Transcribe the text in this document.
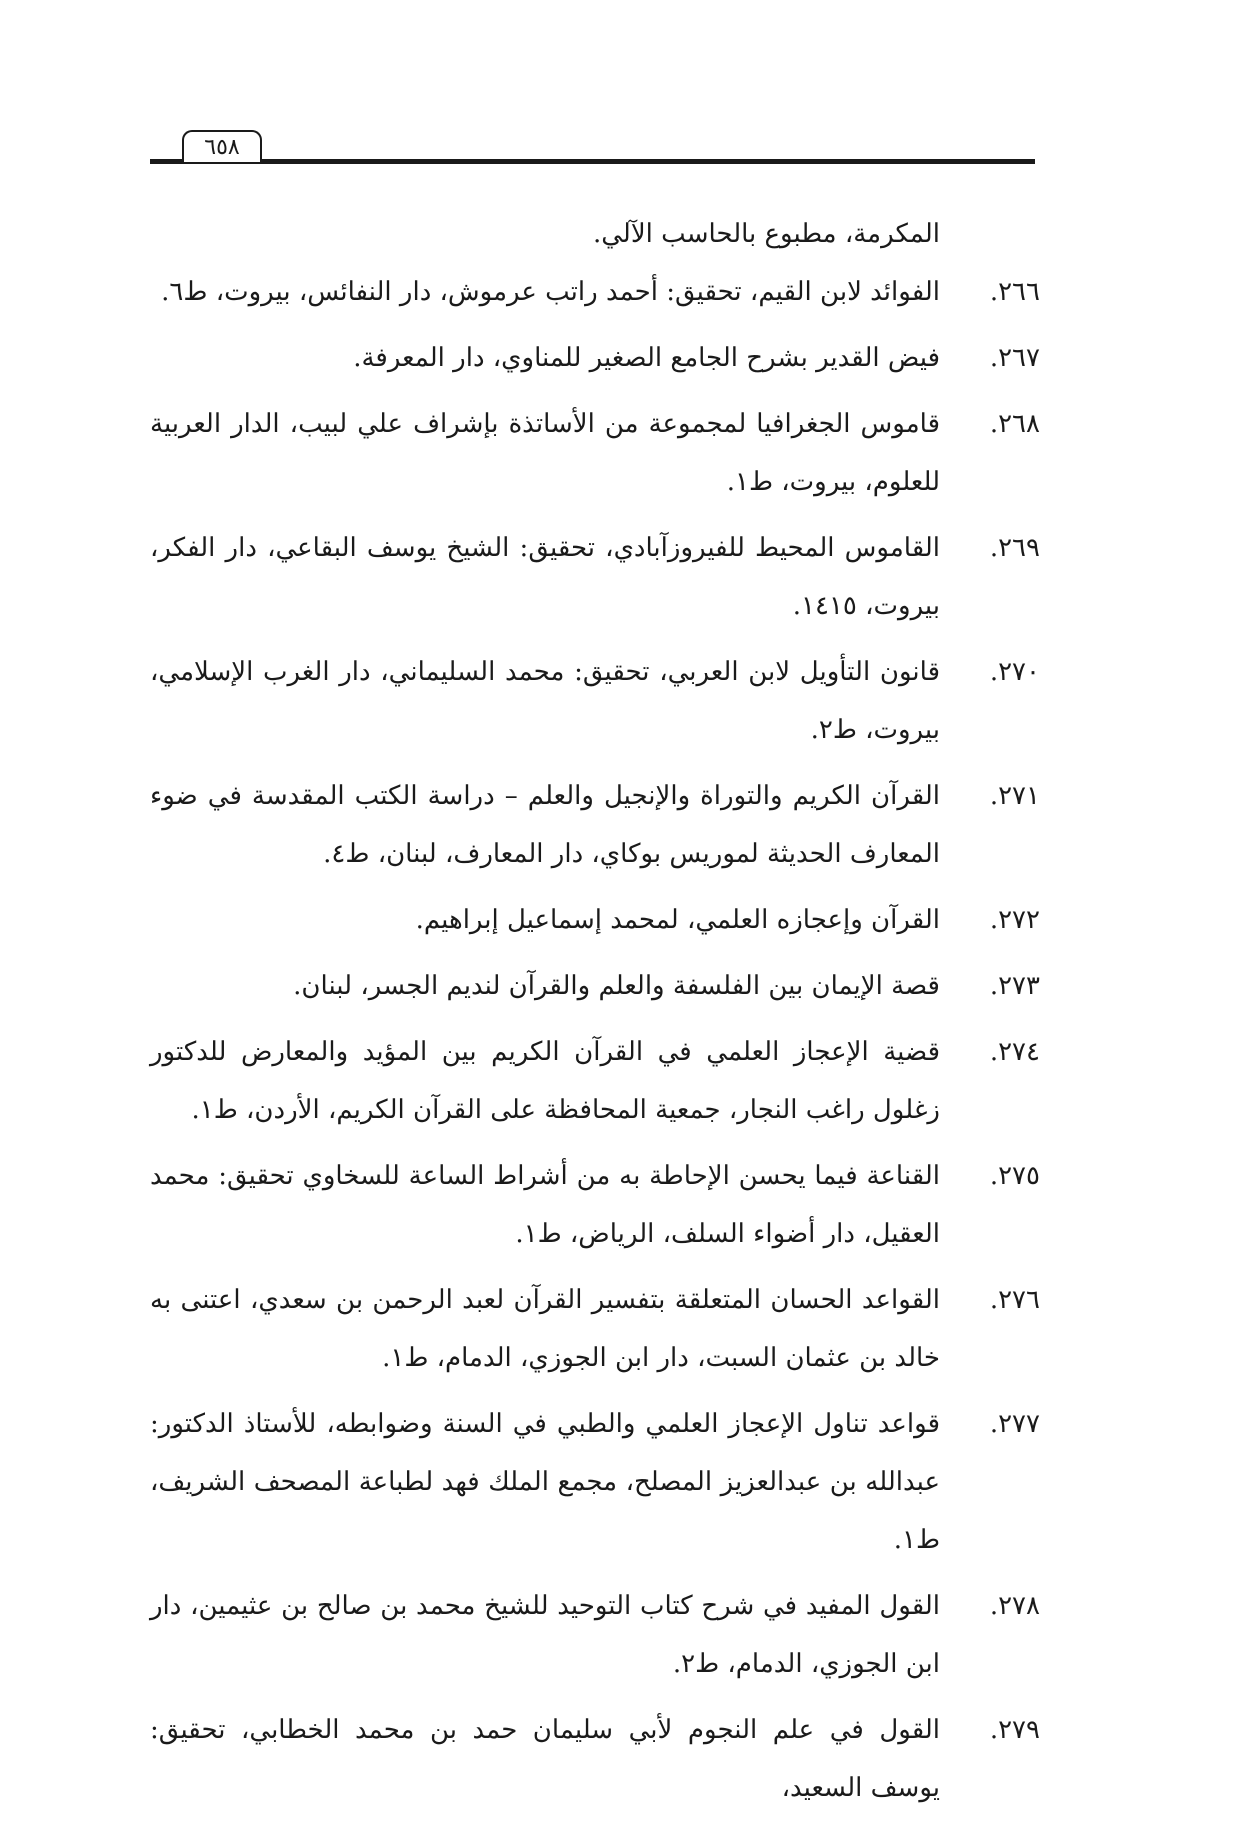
٦٥٨

المكرمة، مطبوع بالحاسب الآلي.

٢٦٦.
الفوائد لابن القيم، تحقيق: أحمد راتب عرموش، دار النفائس، بيروت، ط٦.
٢٦٧.
فيض القدير بشرح الجامع الصغير للمناوي، دار المعرفة.
٢٦٨.
قاموس الجغرافيا لمجموعة من الأساتذة بإشراف علي لبيب، الدار العربية للعلوم، بيروت، ط١.
٢٦٩.
القاموس المحيط للفيروزآبادي، تحقيق: الشيخ يوسف البقاعي، دار الفكر، بيروت، ١٤١٥.
٢٧٠.
قانون التأويل لابن العربي، تحقيق: محمد السليماني، دار الغرب الإسلامي، بيروت، ط٢.
٢٧١.
القرآن الكريم والتوراة والإنجيل والعلم – دراسة الكتب المقدسة في ضوء المعارف الحديثة لموريس بوكاي، دار المعارف، لبنان، ط٤.
٢٧٢.
القرآن وإعجازه العلمي، لمحمد إسماعيل إبراهيم.
٢٧٣.
قصة الإيمان بين الفلسفة والعلم والقرآن لنديم الجسر، لبنان.
٢٧٤.
قضية الإعجاز العلمي في القرآن الكريم بين المؤيد والمعارض للدكتور زغلول راغب النجار، جمعية المحافظة على القرآن الكريم، الأردن، ط١.
٢٧٥.
القناعة فيما يحسن الإحاطة به من أشراط الساعة للسخاوي تحقيق: محمد العقيل، دار أضواء السلف، الرياض، ط١.
٢٧٦.
القواعد الحسان المتعلقة بتفسير القرآن لعبد الرحمن بن سعدي، اعتنى به خالد بن عثمان السبت، دار ابن الجوزي، الدمام، ط١.
٢٧٧.
قواعد تناول الإعجاز العلمي والطبي في السنة وضوابطه، للأستاذ الدكتور: عبدالله بن عبدالعزيز المصلح، مجمع الملك فهد لطباعة المصحف الشريف، ط١.
٢٧٨.
القول المفيد في شرح كتاب التوحيد للشيخ محمد بن صالح بن عثيمين، دار ابن الجوزي، الدمام، ط٢.
٢٧٩.
القول في علم النجوم لأبي سليمان حمد بن محمد الخطابي، تحقيق: يوسف السعيد،
